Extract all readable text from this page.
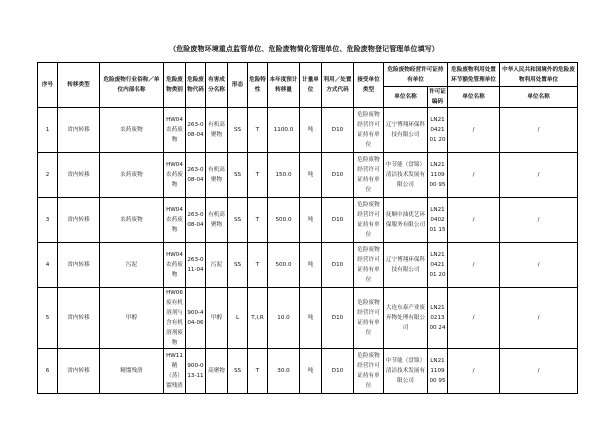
（危险废物环境重点监管单位、危险废物简化管理单位、危险废物登记管理单位填写）
序号	转移类型	危险废物行业俗称／单位内部名称	危险废物类别	危险废物代码	有害成分名称	形态	危险特性	本年度预计转移量	计量单位	利用／处置方式代码	接受单位类型	危险废物经营许可证持有单位		危险废物利用处置环节豁免管理单位	中华人民共和国境外的危险废物利用处置单位
												单位名称	许可证编码	单位名称	单位名称
1	省内转移	农药废物	HW04农药废物	263-008-04	有机高聚物	SS	T	1100.0	吨	D10	危险废物经营许可证持有单位	辽宁博翔环保科技有限公司	LN21042101 20	/	/
2	省内转移	农药废物	HW04农药废物	263-008-04	有机高聚物	SS	T	150.0	吨	D10	危险废物经营许可证持有单位	中节能（盘锦）清洁技术发展有限公司	LN21110900 95	/	/
3	省内转移	农药废物	HW04农药废物	263-008-04	有机高聚物	SS	T	500.0	吨	D10	危险废物经营许可证持有单位	抚顺中油优艺环保服务有限公司	LN21040201 15	/	/
4	省内转移	污泥	HW04农药废物	263-011-04	污泥	SS	T	500.0	吨	D10	危险废物经营许可证持有单位	辽宁博翔环保科技有限公司	LN21042101 20	/	/
5	省内转移	甲醇	HW06废有机溶剂与含有机溶剂废物	900-404-06	甲醇	L	T,I,R	10.0	吨	D10	危险废物经营许可证持有单位	大连东泰产业废弃物处理有限公司	LN21021300 24	/	/
6	省内转移	精馏残渣	HW11精（蒸）馏残渣	900-013-11	高聚物	SS	T	30.0	吨	D10	危险废物经营许可证持有单位	中节能（盘锦）清洁技术发展有限公司	LN21110900 95	/	/
